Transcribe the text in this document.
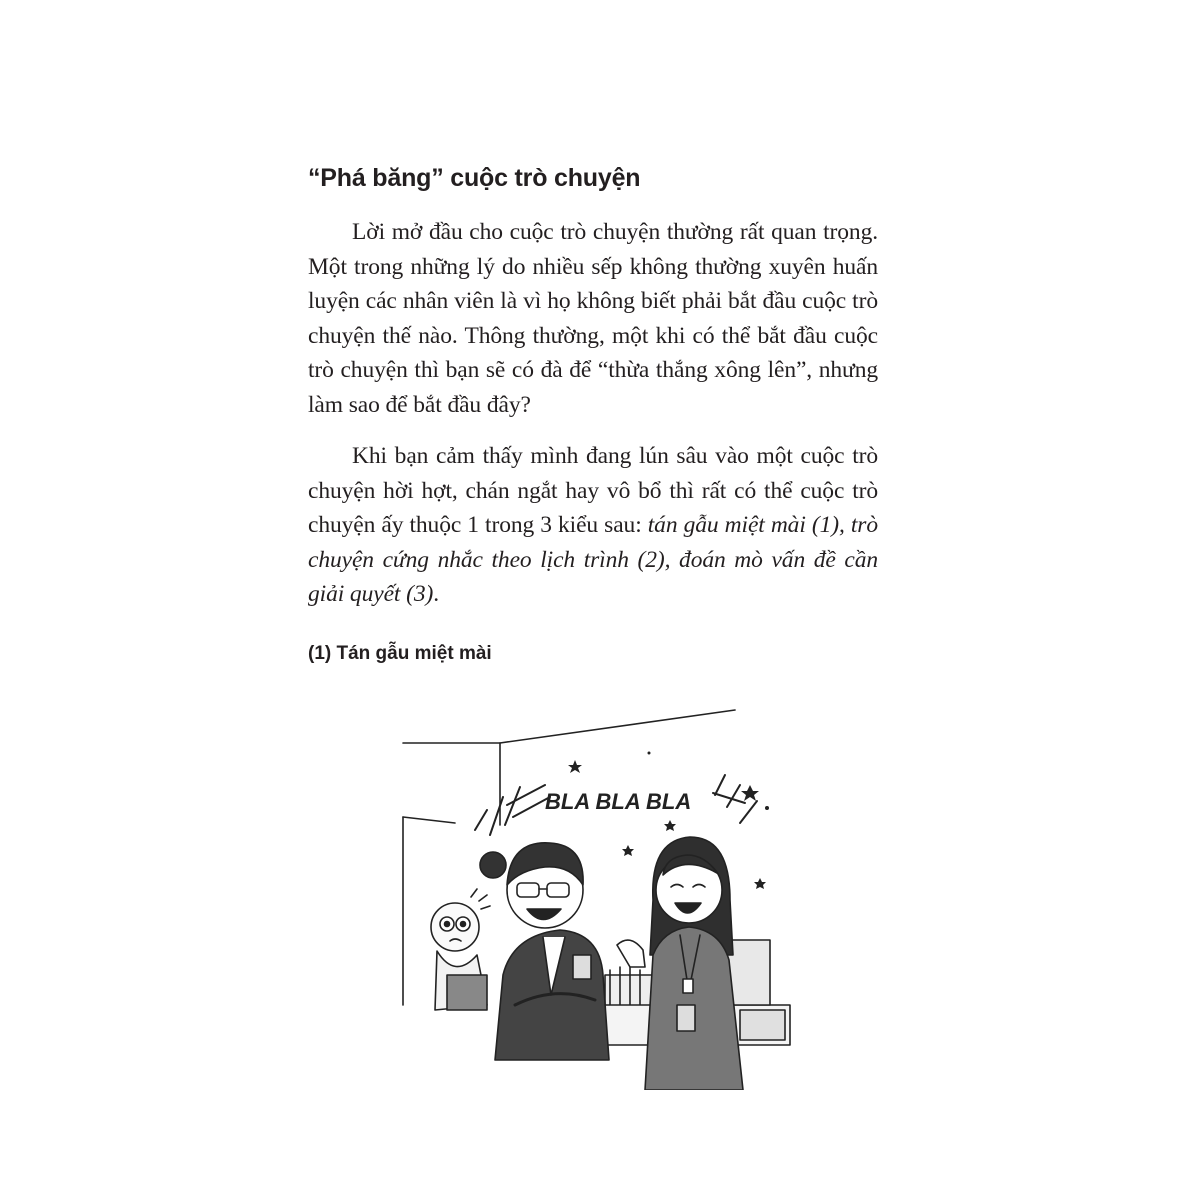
“Phá băng” cuộc trò chuyện

Lời mở đầu cho cuộc trò chuyện thường rất quan trọng. Một trong những lý do nhiều sếp không thường xuyên huấn luyện các nhân viên là vì họ không biết phải bắt đầu cuộc trò chuyện thế nào. Thông thường, một khi có thể bắt đầu cuộc trò chuyện thì bạn sẽ có đà để “thừa thắng xông lên”, nhưng làm sao để bắt đầu đây?

Khi bạn cảm thấy mình đang lún sâu vào một cuộc trò chuyện hời hợt, chán ngắt hay vô bổ thì rất có thể cuộc trò chuyện ấy thuộc 1 trong 3 kiểu sau: tán gẫu miệt mài (1), trò chuyện cứng nhắc theo lịch trình (2), đoán mò vấn đề cần giải quyết (3).

(1) Tán gẫu miệt mài
BLA BLA BLA
